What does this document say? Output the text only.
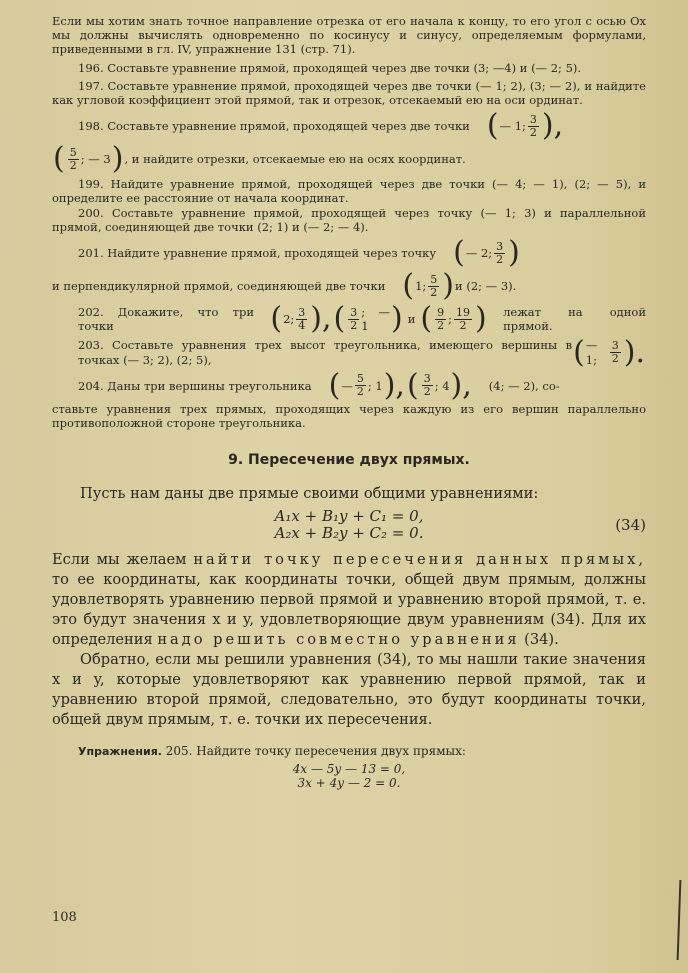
Если мы хотим знать точное направление отрезка от его начала к концу, то его угол с осью Ox мы должны вычислять одновременно по косинусу и синусу, определяемым формулами, приведенными в гл. IV, упражнение 131 (стр. 71).

196. Составьте уравнение прямой, проходящей через две точки (3; —4) и (— 2; 5).

197. Составьте уравнение прямой, проходящей через две точки (— 1; 2), (3; — 2), и найдите как угловой коэффициент этой прямой, так и отрезок, отсекаемый ею на оси ординат.

198. Составьте уравнение прямой, проходящей через две точки ( — 1; $\frac{3}{2}$ ),
( $\frac{5}{2}$ ; — 3 ) , и найдите отрезки, отсекаемые ею на осях координат.

199. Найдите уравнение прямой, проходящей через две точки (— 4; — 1), (2; — 5), и определите ее расстояние от начала координат.

200. Составьте уравнение прямой, проходящей через точку (— 1; 3) и параллельной прямой, соединяющей две точки (2; 1) и (— 2; — 4).

201. Найдите уравнение прямой, проходящей через точку ( — 2; $\frac{3}{2}$ )
и перпендикулярной прямой, соединяющей две точки ( 1; $\frac{5}{2}$ ) и (2; — 3).
202. Докажите, что три точки	( 2; $\frac{3}{4}$ ), ( $\frac{3}{2}$ ; — 1 ) и ( $\frac{9}{2}$ ; $\frac{19}{2}$ ) лежат на одной прямой.
203. Составьте уравнения трех высот треугольника, имеющего вершины в точках (— 3; 2), (2; 5),	( — 1;	$\frac{3}{2}$ ).
204. Даны три вершины треугольника ( — $\frac{5}{2}$ ; 1 ), ( $\frac{3}{2}$ ; 4 ), (4; — 2), со-

ставьте уравнения трех прямых, проходящих через каждую из его вершин параллельно противоположной стороне треугольника.

9. Пересечение двух прямых.

Пусть нам даны две прямые своими общими уравнениями:

A₁x + B₁y + C₁ = 0,
A₂x + B₂y + C₂ = 0.	(34)

Если мы желаем найти точку пересечения данных прямых, то ее координаты, как координаты точки, общей двум прямым, должны удовлетворять уравнению первой прямой и уравнению второй прямой, т. е. это будут значения x и y, удовлетворяющие двум уравнениям (34). Для их определения надо решить совместно уравнения (34).

Обратно, если мы решили уравнения (34), то мы нашли такие значения x и y, которые удовлетворяют как уравнению первой прямой, так и уравнению второй прямой, следовательно, это будут координаты точки, общей двум прямым, т. е. точки их пересечения.

Упражнения. 205. Найдите точку пересечения двух прямых:
4x — 5y — 13 = 0,
3x + 4y — 2 = 0.
108
